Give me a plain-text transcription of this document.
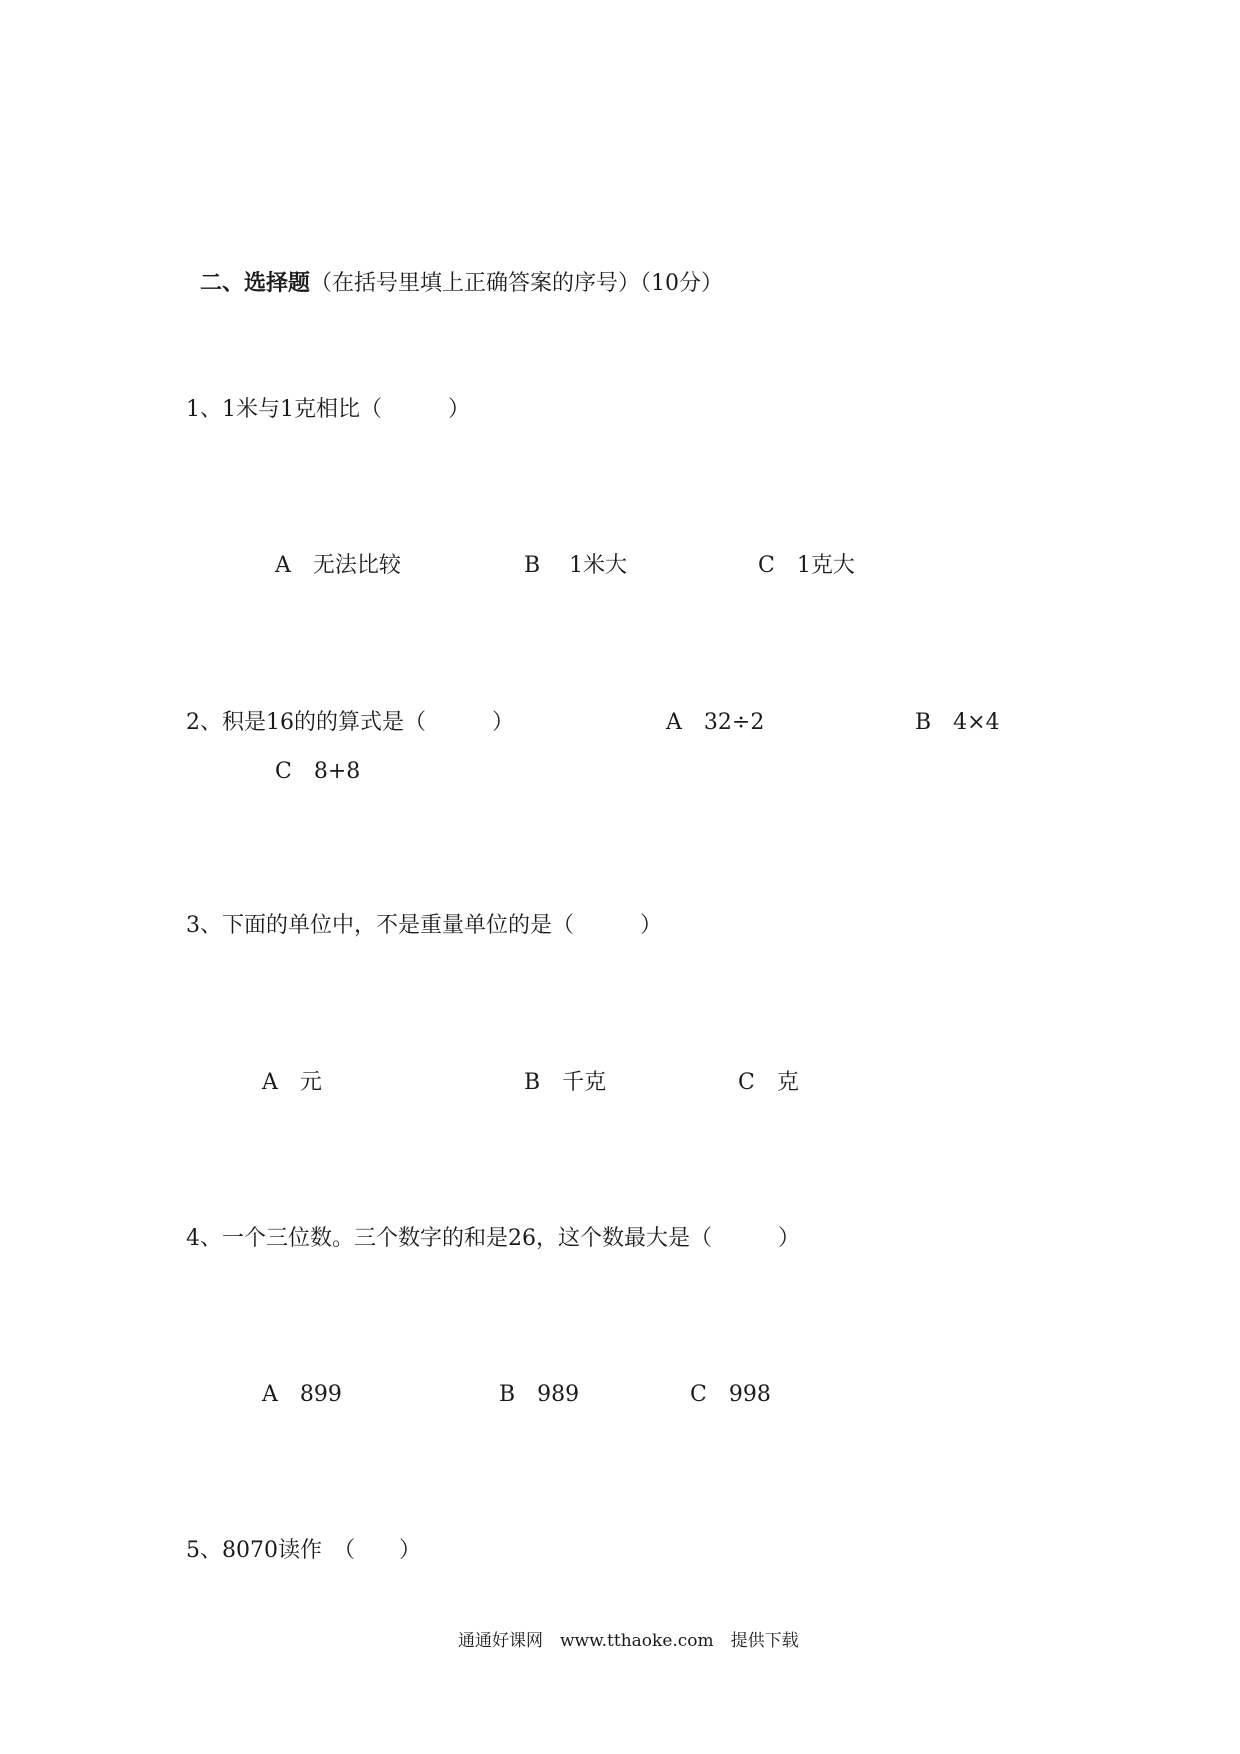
二、选择题（在括号里填上正确答案的序号）（10分）

1、1米与1克相比（　　　）
A　无法比较	B　 1米大	C　1克大
2、积是16的的算式是（　　　）	A　32÷2	B　4×4
C　8+8
3、下面的单位中，不是重量单位的是（　　　）
A　元	B　千克	C　克
4、一个三位数。三个数字的和是26，这个数最大是（　　　）
A　899	B　989	C　998
5、8070读作　（　　）
通通好课网　www.tthaoke.com　提供下载
